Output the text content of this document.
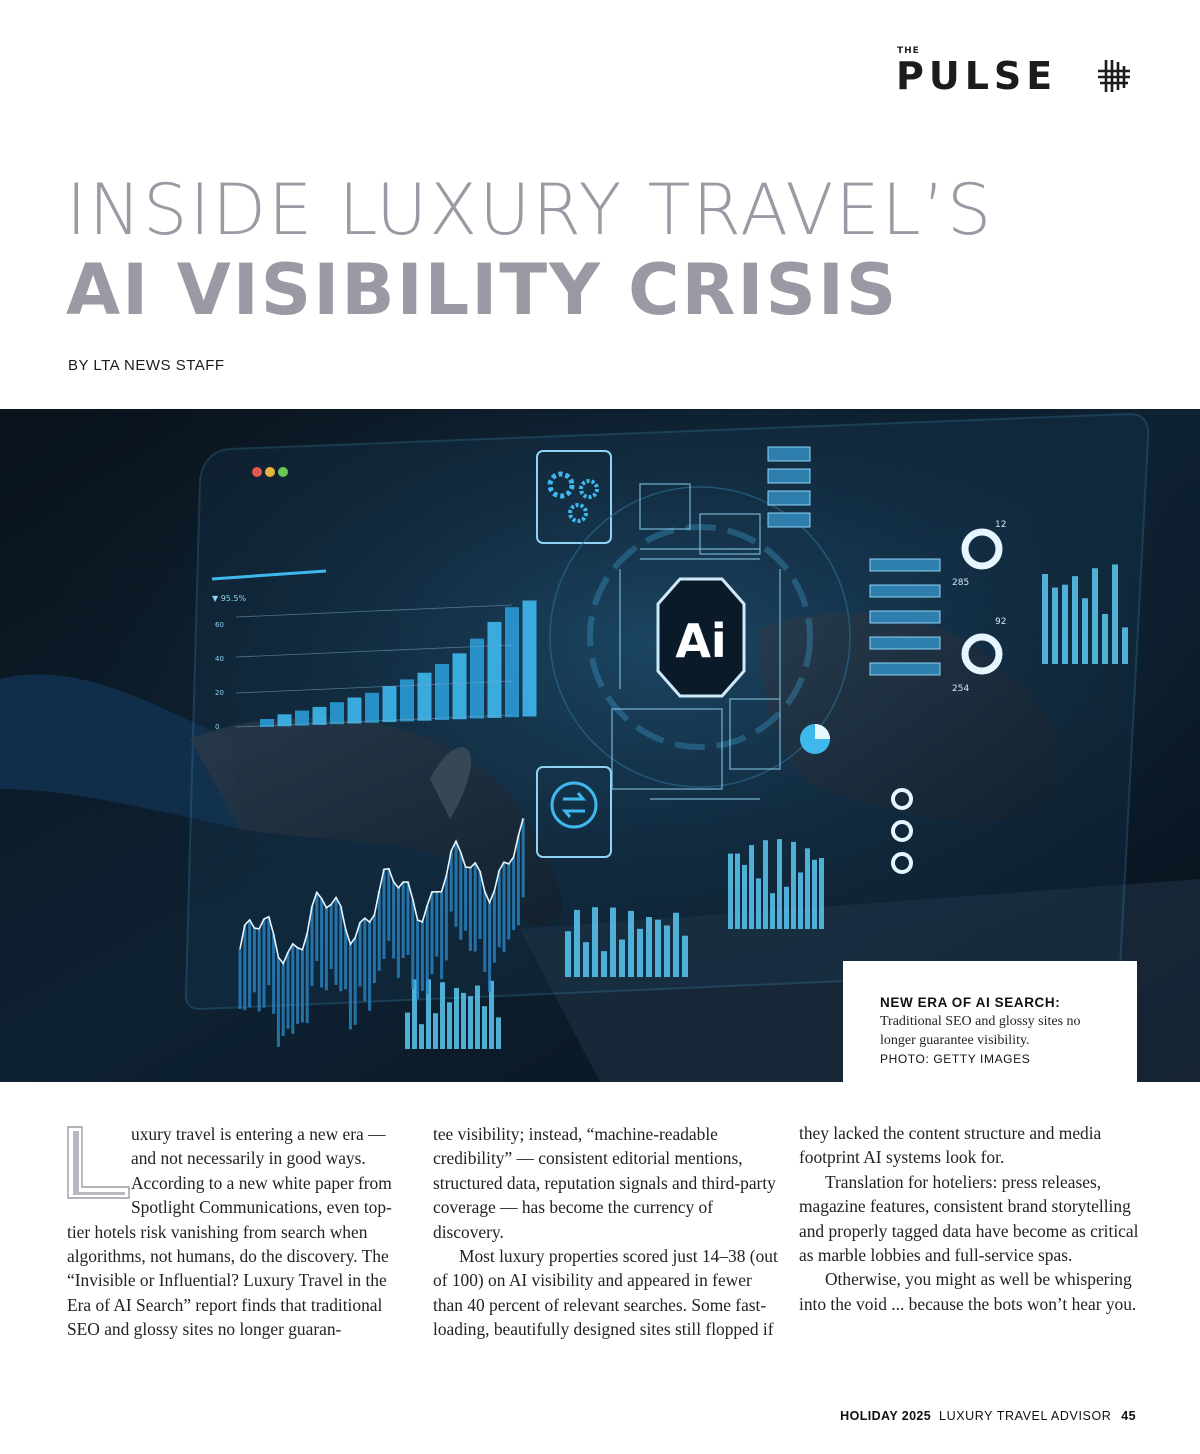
THE
PULSE
INSIDE LUXURY TRAVEL’S
AI VISIBILITY CRISIS
BY LTA NEWS STAFF
▼ 95.5%
60
40
20
0
Ai
285
254
12
92
NEW ERA OF AI SEARCH:
Traditional SEO and glossy sites no longer guarantee visibility.
PHOTO: GETTY IMAGES

uxury travel is entering a new era — and not necessarily in good ways. According to a new white paper from Spotlight Communications, even top-tier hotels risk vanishing from search when algorithms, not humans, do the discovery. The “Invisible or Influential? Luxury Travel in the Era of AI Search” report finds that traditional SEO and glossy sites no longer guaran-

tee visibility; instead, “machine-readable credibility” — consistent editorial mentions, structured data, reputation signals and third-party coverage — has become the currency of discovery.

Most luxury properties scored just 14–38 (out of 100) on AI visibility and appeared in fewer than 40 percent of relevant searches. Some fast-loading, beautifully designed sites still flopped if

they lacked the content structure and media footprint AI systems look for.

Translation for hoteliers: press releases, magazine features, consistent brand storytelling and properly tagged data have become as critical as marble lobbies and full-service spas.

Otherwise, you might as well be whispering into the void ... because the bots won’t hear you.

HOLIDAY 2025 LUXURY TRAVEL ADVISOR 45
